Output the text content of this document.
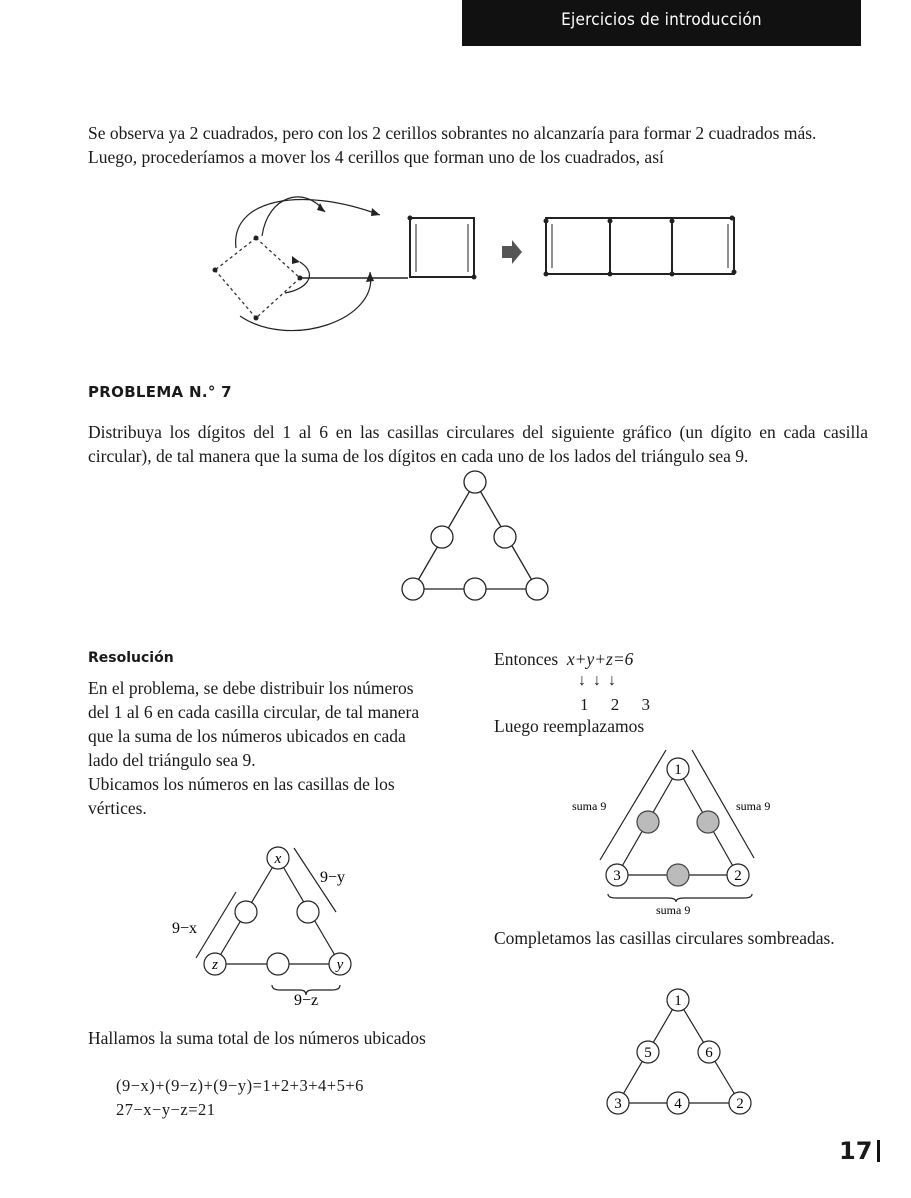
Ejercicios de introducción

Se observa ya 2 cuadrados, pero con los 2 cerillos sobrantes no alcanzaría para formar 2 cuadrados más. Luego, procederíamos a mover los 4 cerillos que forman uno de los cuadrados, así

PROBLEMA N.° 7

Distribuya los dígitos del 1 al 6 en las casillas circulares del siguiente gráfico (un dígito en cada casilla circular), de tal manera que la suma de los dígitos en cada uno de los lados del triángulo sea 9.

Resolución

En el problema, se debe distribuir los números
del 1 al 6 en cada casilla circular, de tal manera
que la suma de los números ubicados en cada
lado del triángulo sea 9.
Ubicamos los números en las casillas de los
vértices.

x
z	y
9−y
9−x
9−z

Hallamos la suma total de los números ubicados

(9−x)+(9−z)+(9−y)=1+2+3+4+5+6
27−x−y−z=21
Entonces x+y+z=6
↓↓↓
1 2 3
Luego reemplazamos
1
3	2
suma 9	suma 9
suma 9

Completamos las casillas circulares sombreadas.

1
5	6
3	4	2
17
